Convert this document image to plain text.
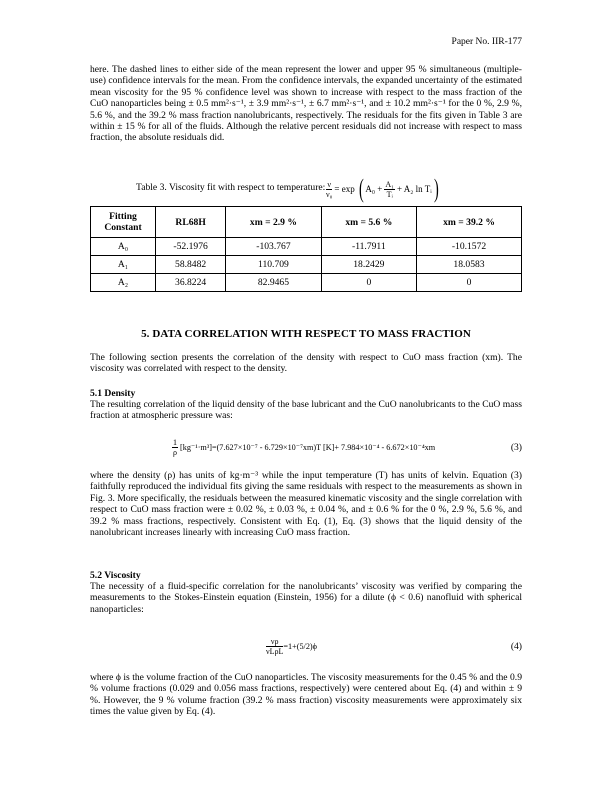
Paper No. IIR-177

here. The dashed lines to either side of the mean represent the lower and upper 95 % simultaneous (multiple-use) confidence intervals for the mean. From the confidence intervals, the expanded uncertainty of the estimated mean viscosity for the 95 % confidence level was shown to increase with respect to the mass fraction of the CuO nanoparticles being ± 0.5 mm²·s⁻¹, ± 3.9 mm²·s⁻¹, ± 6.7 mm²·s⁻¹, and ± 10.2 mm²·s⁻¹ for the 0 %, 2.9 %, 5.6 %, and the 39.2 % mass fraction nanolubricants, respectively. The residuals for the fits given in Table 3 are within ± 15 % for all of the fluids. Although the relative percent residuals did not increase with respect to mass fraction, the absolute residuals did.

Table 3. Viscosity fit with respect to temperature: $\frac{\nu}{\text{ν₀}} = \exp$ ( $A_0 + \frac{\text{A₁}}{\text{Tᵢ}} + A_2$ ln Tᵢ )
Fitting Constant	RL68H	xm = 2.9 %	xm = 5.6 %	xm = 39.2 %
A₀	-52.1976	-103.767	-11.7911	-10.1572
A₁	58.8482	110.709	18.2429	18.0583
A₂	36.8224	82.9465	0	0
5. DATA CORRELATION WITH RESPECT TO MASS FRACTION

The following section presents the correlation of the density with respect to CuO mass fraction (xm). The viscosity was correlated with respect to the density.

5.1 Density

The resulting correlation of the liquid density of the base lubricant and the CuO nanolubricants to the CuO mass fraction at atmospheric pressure was:

$\frac{1}{\rho} [kg^{-1}\cdot m^3]=(7.627\times 10^{-7} - 6.729\times 10^{-7}xm)T$ [K]+ 7.984×10⁻⁴ - 6.672×10⁻⁴xm	(3)

where the density (ρ) has units of kg·m⁻³ while the input temperature (T) has units of kelvin. Equation (3) faithfully reproduced the individual fits giving the same residuals with respect to the measurements as shown in Fig. 3. More specifically, the residuals between the measured kinematic viscosity and the single correlation with respect to CuO mass fraction were ± 0.02 %, ± 0.03 %, ± 0.04 %, and ± 0.6 % for the 0 %, 2.9 %, 5.6 %, and 39.2 % mass fractions, respectively. Consistent with Eq. (1), Eq. (3) shows that the liquid density of the nanolubricant increases linearly with increasing CuO mass fraction.

5.2 Viscosity

The necessity of a fluid-specific correlation for the nanolubricants’ viscosity was verified by comparing the measurements to the Stokes-Einstein equation (Einstein, 1956) for a dilute (ϕ < 0.6) nanofluid with spherical nanoparticles:

$\frac{\nu\rho}{\text{νLρL}} =1+(5/2)\phi$	(4)

where ϕ is the volume fraction of the CuO nanoparticles. The viscosity measurements for the 0.45 % and the 0.9 % volume fractions (0.029 and 0.056 mass fractions, respectively) were centered about Eq. (4) and within ± 9 %. However, the 9 % volume fraction (39.2 % mass fraction) viscosity measurements were approximately six times the value given by Eq. (4).
